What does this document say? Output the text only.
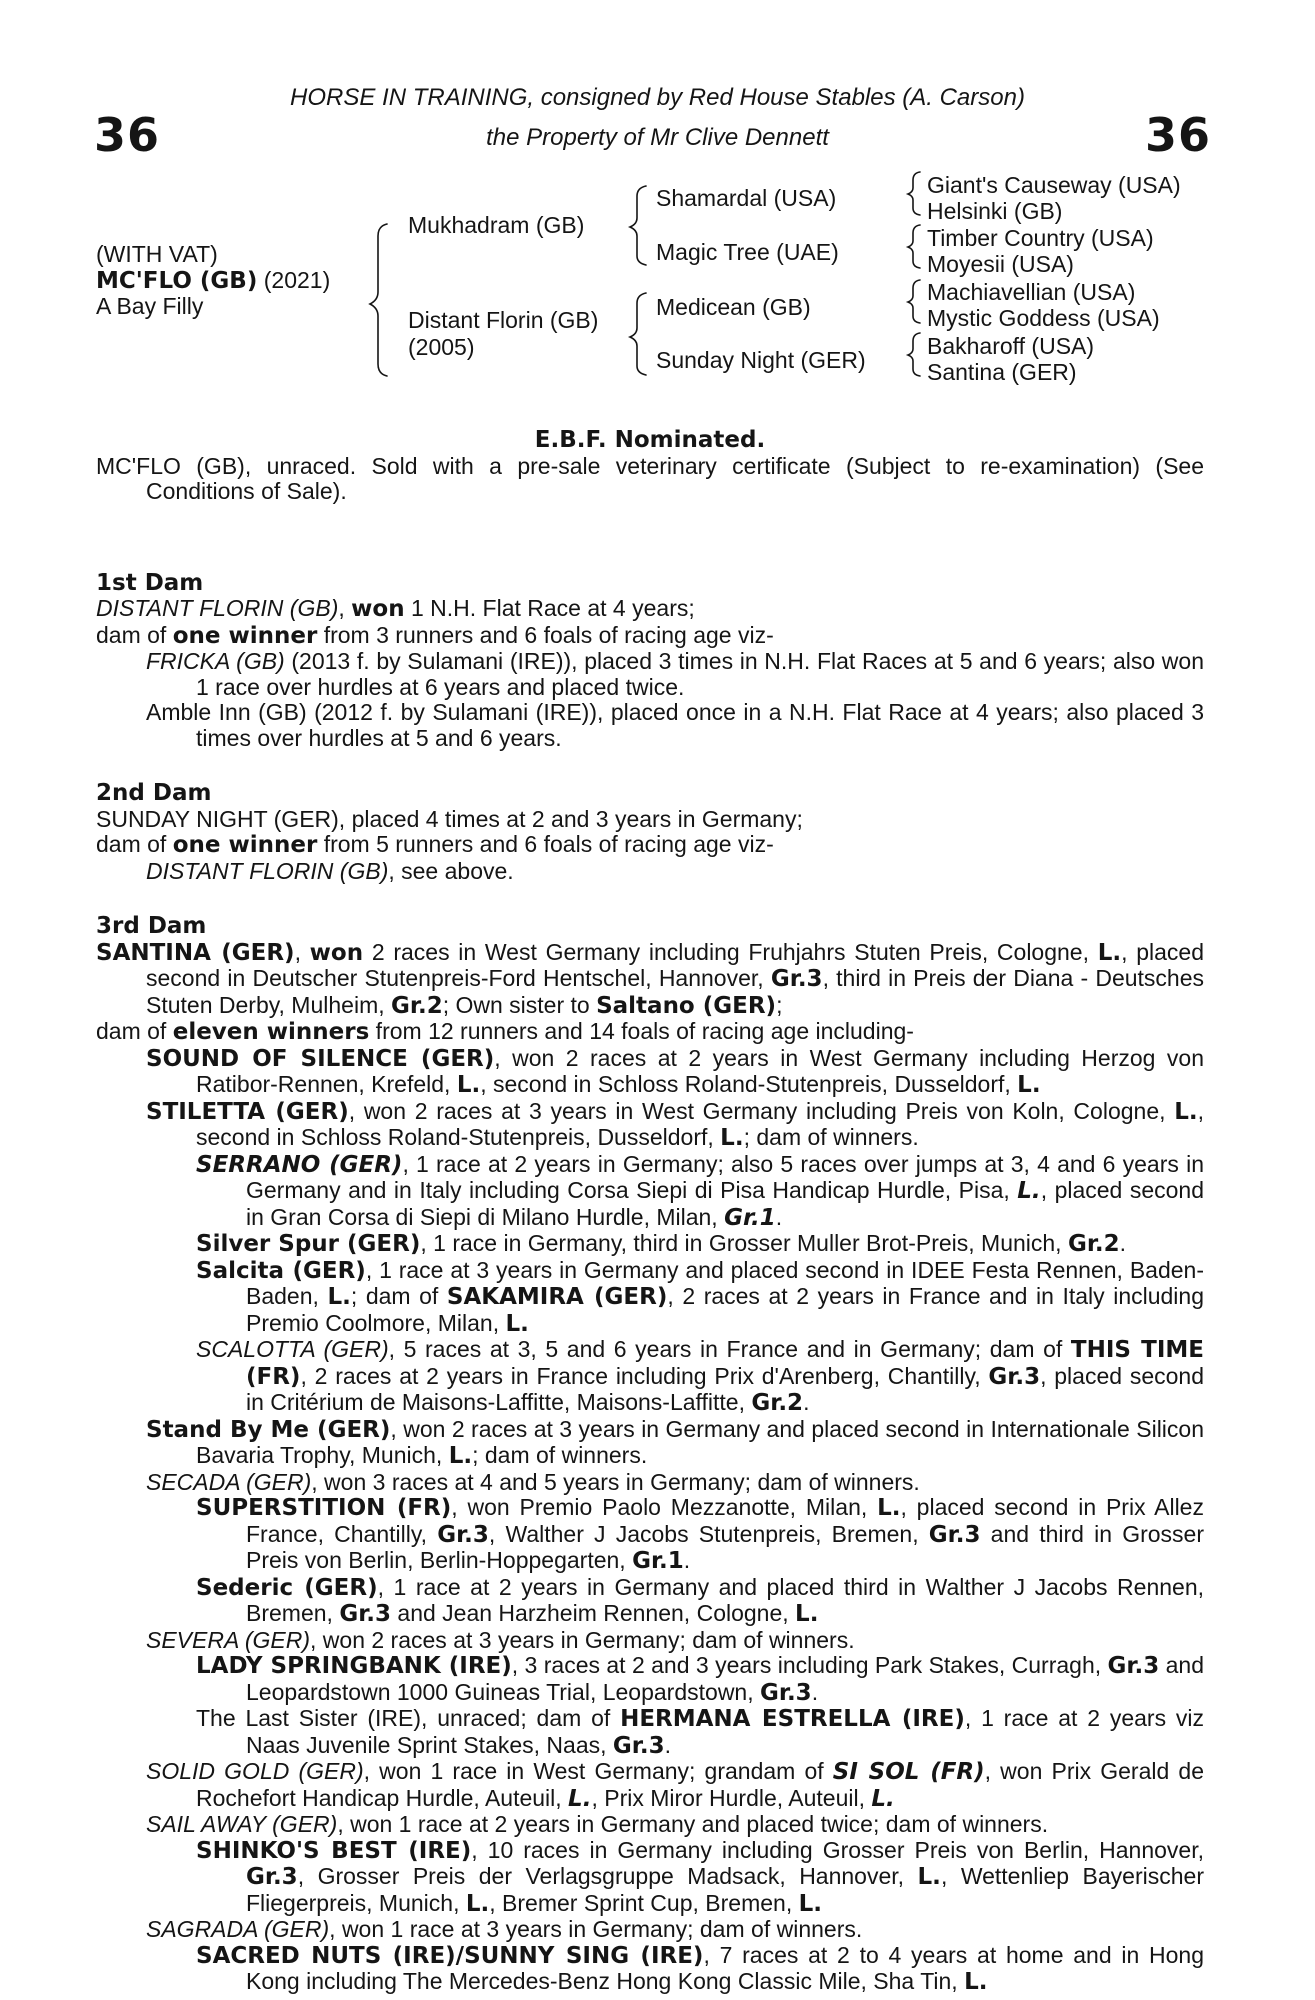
HORSE IN TRAINING, consigned by Red House Stables (A. Carson)
the Property of Mr Clive Dennett
36	36
(WITH VAT)
MC'FLO (GB) (2021)
A Bay Filly
Mukhadram (GB)
Distant Florin (GB)
(2005)
Shamardal (USA)
Magic Tree (UAE)
Medicean (GB)
Sunday Night (GER)
Giant's Causeway (USA)
Helsinki (GB)
Timber Country (USA)
Moyesii (USA)
Machiavellian (USA)
Mystic Goddess (USA)
Bakharoff (USA)
Santina (GER)

E.B.F. Nominated.

MC'FLO (GB), unraced. Sold with a pre-sale veterinary certificate (Subject to re-examination) (See Conditions of Sale).

1st Dam

DISTANT FLORIN (GB), won 1 N.H. Flat Race at 4 years;

dam of one winner from 3 runners and 6 foals of racing age viz-

FRICKA (GB) (2013 f. by Sulamani (IRE)), placed 3 times in N.H. Flat Races at 5 and 6 years; also won 1 race over hurdles at 6 years and placed twice.

Amble Inn (GB) (2012 f. by Sulamani (IRE)), placed once in a N.H. Flat Race at 4 years; also placed 3 times over hurdles at 5 and 6 years.

2nd Dam

SUNDAY NIGHT (GER), placed 4 times at 2 and 3 years in Germany;

dam of one winner from 5 runners and 6 foals of racing age viz-

DISTANT FLORIN (GB), see above.

3rd Dam

SANTINA (GER), won 2 races in West Germany including Fruhjahrs Stuten Preis, Cologne, L., placed second in Deutscher Stutenpreis-Ford Hentschel, Hannover, Gr.3, third in Preis der Diana - Deutsches Stuten Derby, Mulheim, Gr.2; Own sister to Saltano (GER);

dam of eleven winners from 12 runners and 14 foals of racing age including-

SOUND OF SILENCE (GER), won 2 races at 2 years in West Germany including Herzog von Ratibor-Rennen, Krefeld, L., second in Schloss Roland-Stutenpreis, Dusseldorf, L.

STILETTA (GER), won 2 races at 3 years in West Germany including Preis von Koln, Cologne, L., second in Schloss Roland-Stutenpreis, Dusseldorf, L.; dam of winners.

SERRANO (GER), 1 race at 2 years in Germany; also 5 races over jumps at 3, 4 and 6 years in Germany and in Italy including Corsa Siepi di Pisa Handicap Hurdle, Pisa, L., placed second in Gran Corsa di Siepi di Milano Hurdle, Milan, Gr.1.

Silver Spur (GER), 1 race in Germany, third in Grosser Muller Brot-Preis, Munich, Gr.2.

Salcita (GER), 1 race at 3 years in Germany and placed second in IDEE Festa Rennen, Baden-Baden, L.; dam of SAKAMIRA (GER), 2 races at 2 years in France and in Italy including Premio Coolmore, Milan, L.

SCALOTTA (GER), 5 races at 3, 5 and 6 years in France and in Germany; dam of THIS TIME (FR), 2 races at 2 years in France including Prix d'Arenberg, Chantilly, Gr.3, placed second in Critérium de Maisons-Laffitte, Maisons-Laffitte, Gr.2.

Stand By Me (GER), won 2 races at 3 years in Germany and placed second in Internationale Silicon Bavaria Trophy, Munich, L.; dam of winners.

SECADA (GER), won 3 races at 4 and 5 years in Germany; dam of winners.

SUPERSTITION (FR), won Premio Paolo Mezzanotte, Milan, L., placed second in Prix Allez France, Chantilly, Gr.3, Walther J Jacobs Stutenpreis, Bremen, Gr.3 and third in Grosser Preis von Berlin, Berlin-Hoppegarten, Gr.1.

Sederic (GER), 1 race at 2 years in Germany and placed third in Walther J Jacobs Rennen, Bremen, Gr.3 and Jean Harzheim Rennen, Cologne, L.

SEVERA (GER), won 2 races at 3 years in Germany; dam of winners.

LADY SPRINGBANK (IRE), 3 races at 2 and 3 years including Park Stakes, Curragh, Gr.3 and Leopardstown 1000 Guineas Trial, Leopardstown, Gr.3.

The Last Sister (IRE), unraced; dam of HERMANA ESTRELLA (IRE), 1 race at 2 years viz Naas Juvenile Sprint Stakes, Naas, Gr.3.

SOLID GOLD (GER), won 1 race in West Germany; grandam of SI SOL (FR), won Prix Gerald de Rochefort Handicap Hurdle, Auteuil, L., Prix Miror Hurdle, Auteuil, L.

SAIL AWAY (GER), won 1 race at 2 years in Germany and placed twice; dam of winners.

SHINKO'S BEST (IRE), 10 races in Germany including Grosser Preis von Berlin, Hannover, Gr.3, Grosser Preis der Verlagsgruppe Madsack, Hannover, L., Wettenliep Bayerischer Fliegerpreis, Munich, L., Bremer Sprint Cup, Bremen, L.

SAGRADA (GER), won 1 race at 3 years in Germany; dam of winners.

SACRED NUTS (IRE)/SUNNY SING (IRE), 7 races at 2 to 4 years at home and in Hong Kong including The Mercedes-Benz Hong Kong Classic Mile, Sha Tin, L.
